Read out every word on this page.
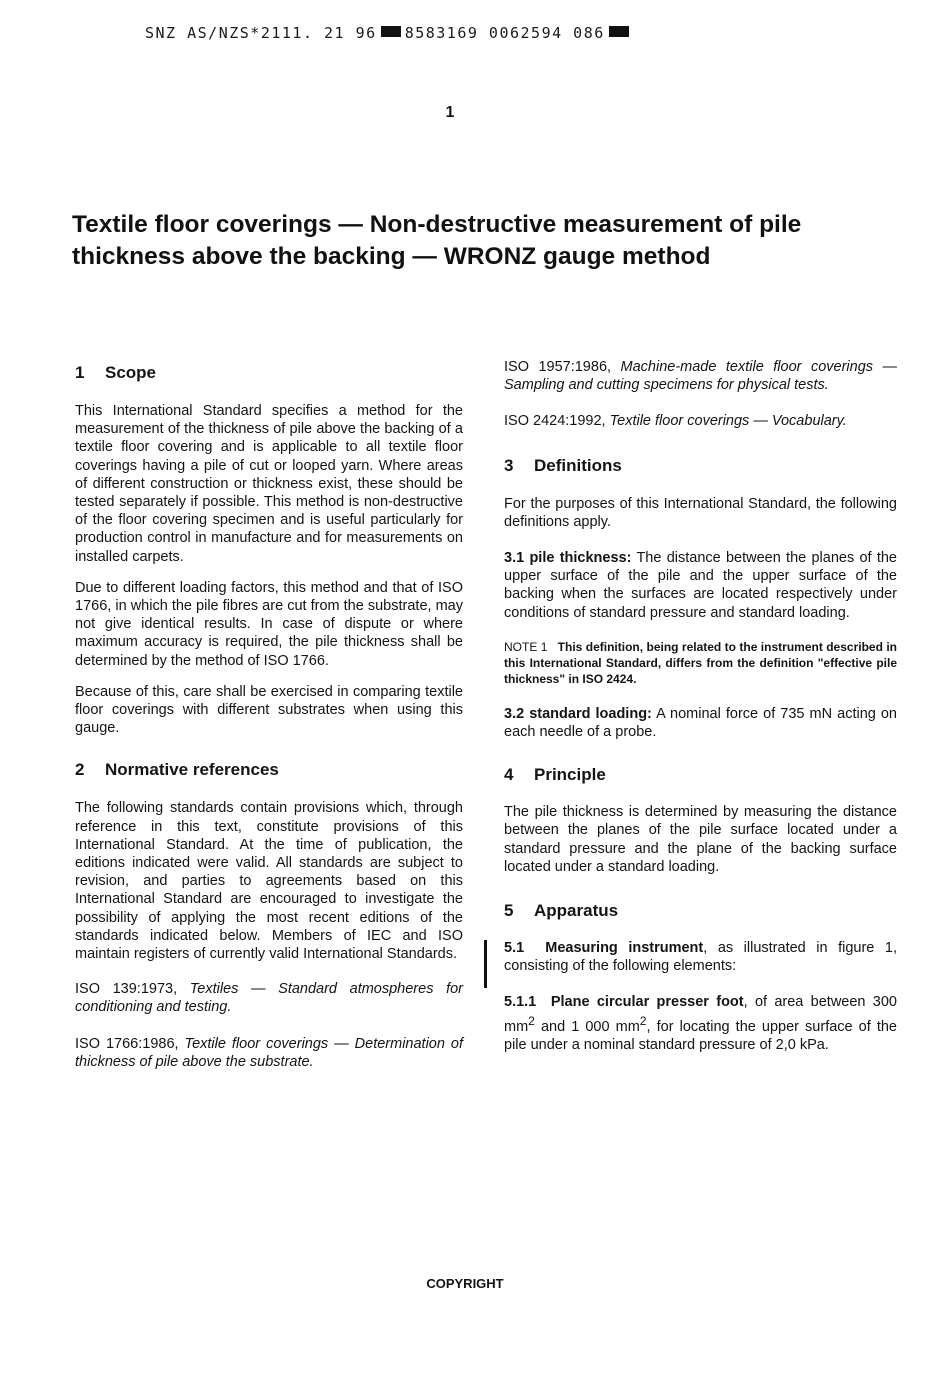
SNZ AS/NZS*2111. 21 96 8583169 0062594 086
1
Textile floor coverings — Non-destructive measurement of pile thickness above the backing — WRONZ gauge method
1 Scope

This International Standard specifies a method for the measurement of the thickness of pile above the backing of a textile floor covering and is applicable to all textile floor coverings having a pile of cut or looped yarn. Where areas of different construction or thickness exist, these should be tested separately if possible. This method is non-destructive of the floor covering specimen and is useful particularly for production control in manufacture and for measurements on installed carpets.

Due to different loading factors, this method and that of ISO 1766, in which the pile fibres are cut from the substrate, may not give identical results. In case of dispute or where maximum accuracy is required, the pile thickness shall be determined by the method of ISO 1766.

Because of this, care shall be exercised in comparing textile floor coverings with different substrates when using this gauge.

2 Normative references

The following standards contain provisions which, through reference in this text, constitute provisions of this International Standard. At the time of publication, the editions indicated were valid. All standards are subject to revision, and parties to agreements based on this International Standard are encouraged to investigate the possibility of applying the most recent editions of the standards indicated below. Members of IEC and ISO maintain registers of currently valid International Standards.

ISO 139:1973, Textiles — Standard atmospheres for conditioning and testing.

ISO 1766:1986, Textile floor coverings — Determination of thickness of pile above the substrate.

ISO 1957:1986, Machine-made textile floor coverings — Sampling and cutting specimens for physical tests.

ISO 2424:1992, Textile floor coverings — Vocabulary.

3 Definitions

For the purposes of this International Standard, the following definitions apply.

3.1 pile thickness: The distance between the planes of the upper surface of the pile and the upper surface of the backing when the surfaces are located respectively under conditions of standard pressure and standard loading.

NOTE 1 This definition, being related to the instrument described in this International Standard, differs from the definition "effective pile thickness" in ISO 2424.

3.2 standard loading: A nominal force of 735 mN acting on each needle of a probe.

4 Principle

The pile thickness is determined by measuring the distance between the planes of the pile surface located under a standard pressure and the plane of the backing surface located under a standard loading.

5 Apparatus

5.1 Measuring instrument, as illustrated in figure 1, consisting of the following elements:

5.1.1 Plane circular presser foot, of area between 300 $mm^2$ and 1 000 $mm^2$, for locating the upper surface of the pile under a nominal standard pressure of 2,0 kPa.

COPYRIGHT
